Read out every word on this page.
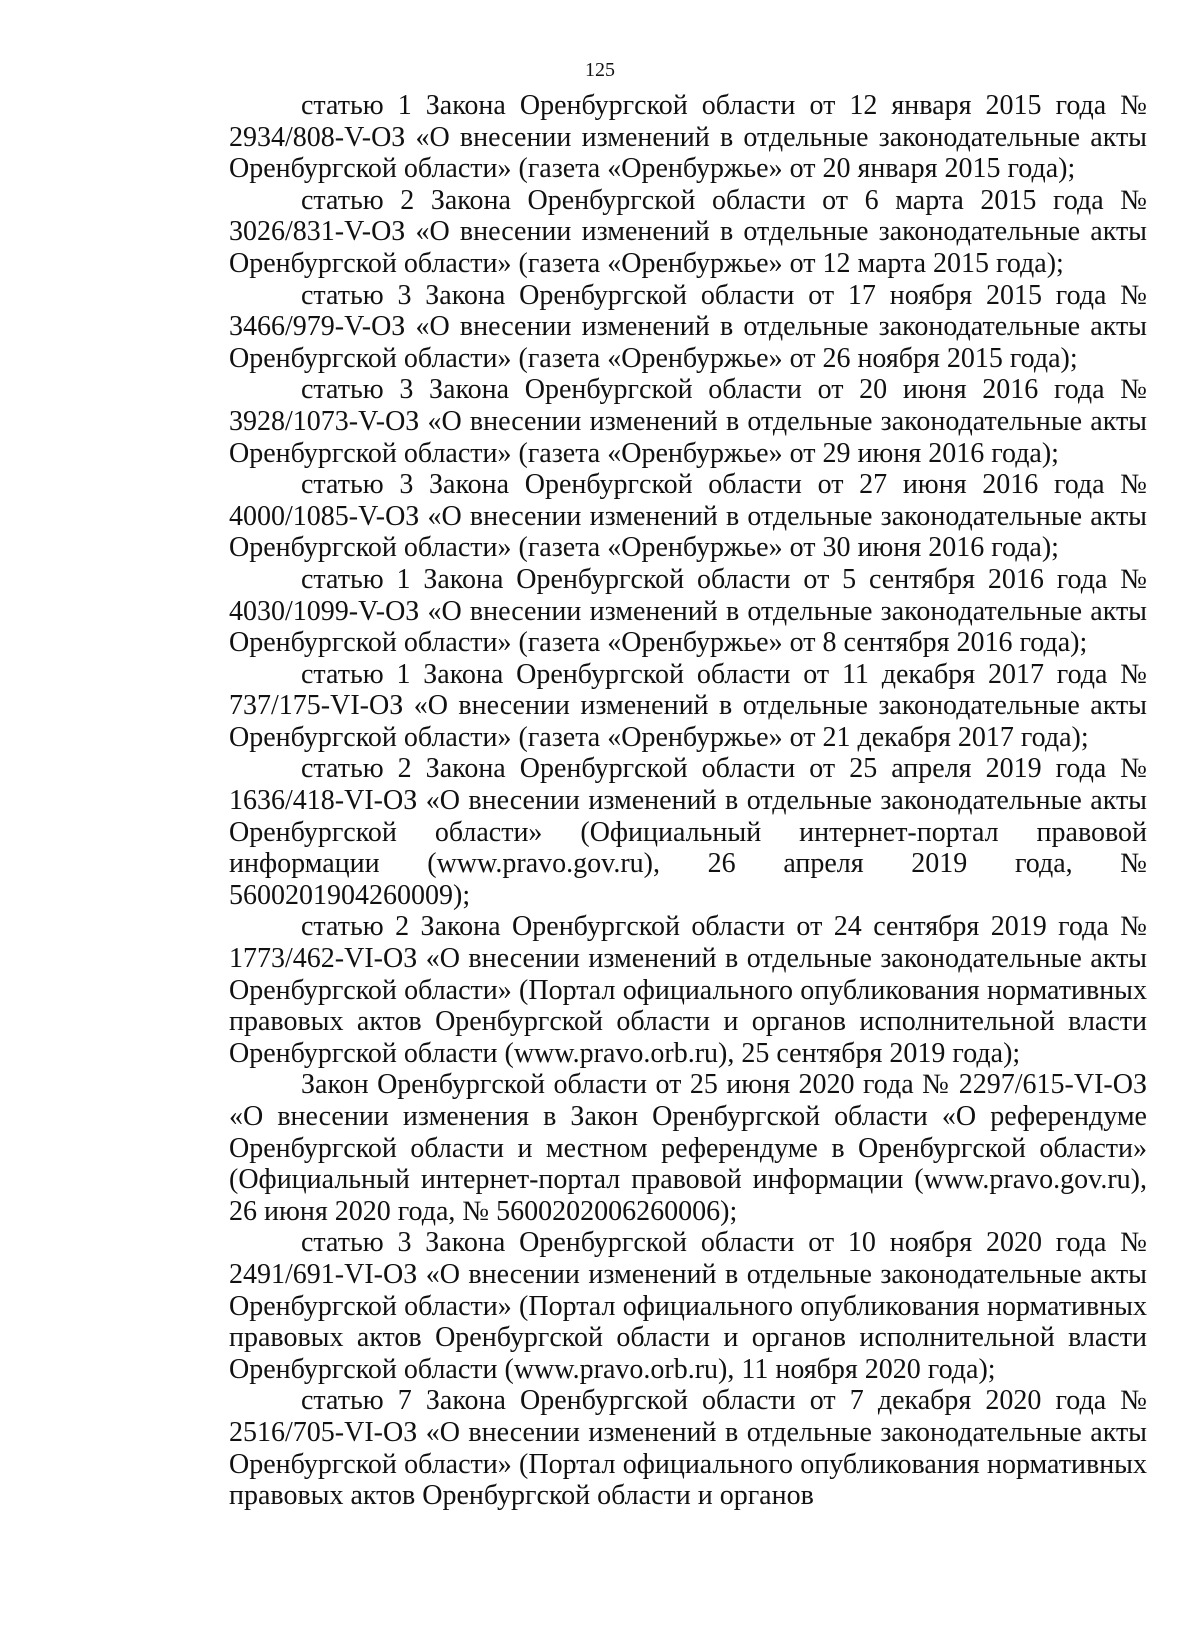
125

статью 1 Закона Оренбургской области от 12 января 2015 года № 2934/808-V-ОЗ «О внесении изменений в отдельные законодательные акты Оренбургской области» (газета «Оренбуржье» от 20 января 2015 года);

статью 2 Закона Оренбургской области от 6 марта 2015 года № 3026/831-V-ОЗ «О внесении изменений в отдельные законодательные акты Оренбургской области» (газета «Оренбуржье» от 12 марта 2015 года);

статью 3 Закона Оренбургской области от 17 ноября 2015 года № 3466/979-V-ОЗ «О внесении изменений в отдельные законодательные акты Оренбургской области» (газета «Оренбуржье» от 26 ноября 2015 года);

статью 3 Закона Оренбургской области от 20 июня 2016 года № 3928/1073-V-ОЗ «О внесении изменений в отдельные законодательные акты Оренбургской области» (газета «Оренбуржье» от 29 июня 2016 года);

статью 3 Закона Оренбургской области от 27 июня 2016 года № 4000/1085-V-ОЗ «О внесении изменений в отдельные законодательные акты Оренбургской области» (газета «Оренбуржье» от 30 июня 2016 года);

статью 1 Закона Оренбургской области от 5 сентября 2016 года № 4030/1099-V-ОЗ «О внесении изменений в отдельные законодательные акты Оренбургской области» (газета «Оренбуржье» от 8 сентября 2016 года);

статью 1 Закона Оренбургской области от 11 декабря 2017 года № 737/175-VI-ОЗ «О внесении изменений в отдельные законодательные акты Оренбургской области» (газета «Оренбуржье» от 21 декабря 2017 года);

статью 2 Закона Оренбургской области от 25 апреля 2019 года № 1636/418-VI-ОЗ «О внесении изменений в отдельные законодательные акты Оренбургской области» (Официальный интернет-портал правовой информации (www.pravo.gov.ru), 26 апреля 2019 года, № 5600201904260009);

статью 2 Закона Оренбургской области от 24 сентября 2019 года № 1773/462-VI-ОЗ «О внесении изменений в отдельные законодательные акты Оренбургской области» (Портал официального опубликования нормативных правовых актов Оренбургской области и органов исполнительной власти Оренбургской области (www.pravo.orb.ru), 25 сентября 2019 года);

Закон Оренбургской области от 25 июня 2020 года № 2297/615-VI-ОЗ «О внесении изменения в Закон Оренбургской области «О референдуме Оренбургской области и местном референдуме в Оренбургской области» (Официальный интернет-портал правовой информации (www.pravo.gov.ru), 26 июня 2020 года, № 5600202006260006);

статью 3 Закона Оренбургской области от 10 ноября 2020 года № 2491/691-VI-ОЗ «О внесении изменений в отдельные законодательные акты Оренбургской области» (Портал официального опубликования нормативных правовых актов Оренбургской области и органов исполнительной власти Оренбургской области (www.pravo.orb.ru), 11 ноября 2020 года);

статью 7 Закона Оренбургской области от 7 декабря 2020 года № 2516/705-VI-ОЗ «О внесении изменений в отдельные законодательные акты Оренбургской области» (Портал официального опубликования нормативных правовых актов Оренбургской области и органов
